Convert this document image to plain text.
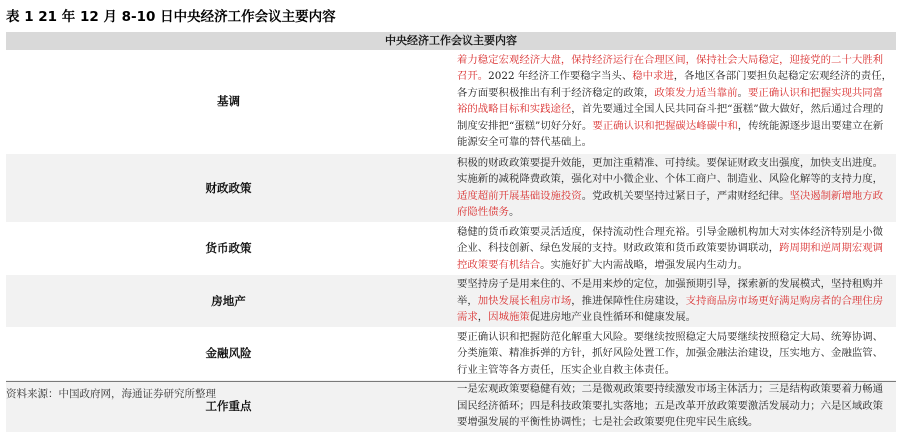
表 1 21 年 12 月 8-10 日中央经济工作会议主要内容
中央经济工作会议主要内容	
基调	着力稳定宏观经济大盘，保持经济运行在合理区间，保持社会大局稳定，迎接党的二十大胜利召开。2022 年经济工作要稳字当头、稳中求进，各地区各部门要担负起稳定宏观经济的责任，各方面要积极推出有利于经济稳定的政策，政策发力适当靠前。要正确认识和把握实现共同富裕的战略目标和实践途径，首先要通过全国人民共同奋斗把“蛋糕”做大做好，然后通过合理的制度安排把“蛋糕”切好分好。要正确认识和把握碳达峰碳中和，传统能源逐步退出要建立在新能源安全可靠的替代基础上。
财政政策	积极的财政政策要提升效能，更加注重精准、可持续。要保证财政支出强度，加快支出进度。实施新的减税降费政策，强化对中小微企业、个体工商户、制造业、风险化解等的支持力度，适度超前开展基础设施投资。党政机关要坚持过紧日子，严肃财经纪律。坚决遏制新增地方政府隐性债务。
货币政策	稳健的货币政策要灵活适度，保持流动性合理充裕。引导金融机构加大对实体经济特别是小微企业、科技创新、绿色发展的支持。财政政策和货币政策要协调联动，跨周期和逆周期宏观调控政策要有机结合。实施好扩大内需战略，增强发展内生动力。
房地产	要坚持房子是用来住的、不是用来炒的定位，加强预期引导，探索新的发展模式，坚持租购并举，加快发展长租房市场，推进保障性住房建设，支持商品房市场更好满足购房者的合理住房需求，因城施策促进房地产业良性循环和健康发展。
金融风险	要正确认识和把握防范化解重大风险。要继续按照稳定大局要继续按照稳定大局、统筹协调、分类施策、精准拆弹的方针，抓好风险处置工作，加强金融法治建设，压实地方、金融监管、行业主管等各方责任，压实企业自救主体责任。
工作重点	一是宏观政策要稳健有效；二是微观政策要持续激发市场主体活力；三是结构政策要着力畅通国民经济循环；四是科技政策要扎实落地；五是改革开放政策要激活发展动力；六是区域政策要增强发展的平衡性协调性；七是社会政策要兜住兜牢民生底线。
资料来源：中国政府网，海通证券研究所整理
